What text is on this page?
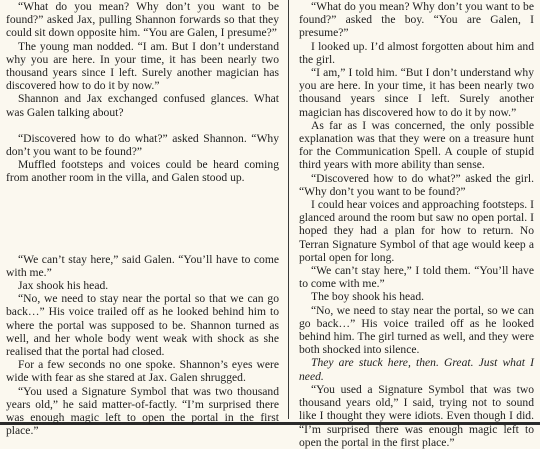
“What do you mean? Why don’t you want to be found?” asked Jax, pulling Shannon forwards so that they could sit down opposite him. “You are Galen, I presume?”

The young man nodded. “I am. But I don’t understand why you are here. In your time, it has been nearly two thousand years since I left. Surely another magician has discovered how to do it by now.”

Shannon and Jax exchanged confused glances. What was Galen talking about?

“Discovered how to do what?” asked Shannon. “Why don’t you want to be found?”

Muffled footsteps and voices could be heard coming from another room in the villa, and Galen stood up.

“We can’t stay here,” said Galen. “You’ll have to come with me.”

Jax shook his head.

“No, we need to stay near the portal so that we can go back…” His voice trailed off as he looked behind him to where the portal was supposed to be. Shannon turned as well, and her whole body went weak with shock as she realised that the portal had closed.

For a few seconds no one spoke. Shannon’s eyes were wide with fear as she stared at Jax. Galen shrugged.

“You used a Signature Symbol that was two thousand years old,” he said matter-of-factly. “I’m surprised there was enough magic left to open the portal in the first place.”

“What do you mean? Why don’t you want to be found?” asked the boy. “You are Galen, I presume?”

I looked up. I’d almost forgotten about him and the girl.

“I am,” I told him. “But I don’t understand why you are here. In your time, it has been nearly two thousand years since I left. Surely another magician has discovered how to do it by now.”

As far as I was concerned, the only possible explanation was that they were on a treasure hunt for the Communication Spell. A couple of stupid third years with more ability than sense.

“Discovered how to do what?” asked the girl. “Why don’t you want to be found?”

I could hear voices and approaching footsteps. I glanced around the room but saw no open portal. I hoped they had a plan for how to return. No Terran Signature Symbol of that age would keep a portal open for long.

“We can’t stay here,” I told them. “You’ll have to come with me.”

The boy shook his head.

“No, we need to stay near the portal, so we can go back…” His voice trailed off as he looked behind him. The girl turned as well, and they were both shocked into silence.

They are stuck here, then. Great. Just what I need.

“You used a Signature Symbol that was two thousand years old,” I said, trying not to sound like I thought they were idiots. Even though I did. “I’m surprised there was enough magic left to open the portal in the first place.”
